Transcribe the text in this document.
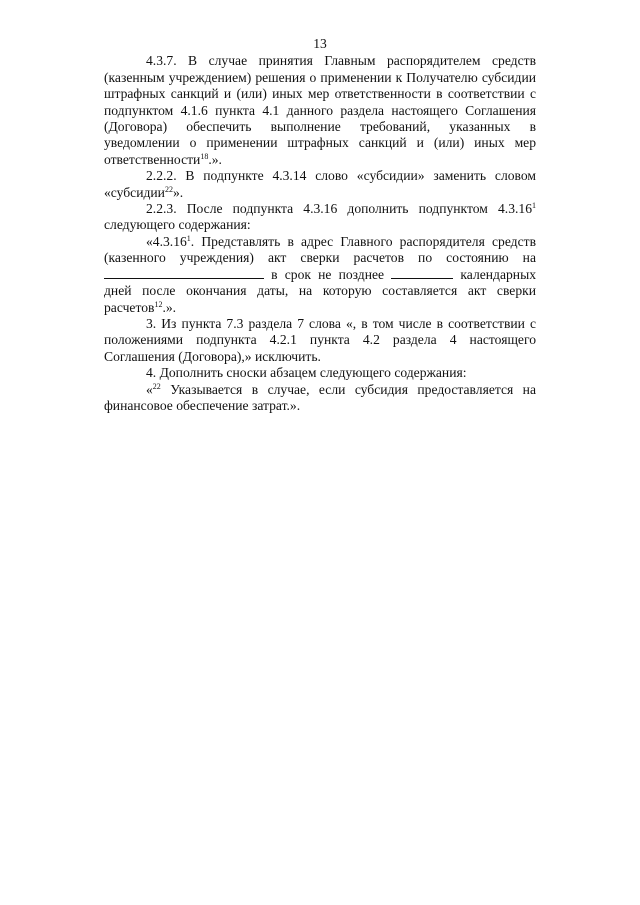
13

4.3.7. В случае принятия Главным распорядителем средств (казенным учреждением) решения о применении к Получателю субсидии штрафных санкций и (или) иных мер ответственности в соответствии с подпунктом 4.1.6 пункта 4.1 данного раздела настоящего Соглашения (Договора) обеспечить выполнение требований, указанных в уведомлении о применении штрафных санкций и (или) иных мер ответственности$^{18}$.».

2.2.2. В подпункте 4.3.14 слово «субсидии» заменить словом «субсидии$^{22}$».

2.2.3. После подпункта 4.3.16 дополнить подпунктом 4.3.16$^1$ следующего содержания:

«4.3.16$^1$. Представлять в адрес Главного распорядителя средств (казенного учреждения) акт сверки расчетов по состоянию на  в срок не позднее	календарных дней после окончания даты, на которую составляется акт сверки расчетов$^{12}$.».

3. Из пункта 7.3 раздела 7 слова «, в том числе в соответствии с положениями подпункта 4.2.1 пункта 4.2 раздела 4 настоящего Соглашения (Договора),» исключить.

4. Дополнить сноски абзацем следующего содержания:

«$^{22}$ Указывается в случае, если субсидия предоставляется на финансовое обеспечение затрат.».
